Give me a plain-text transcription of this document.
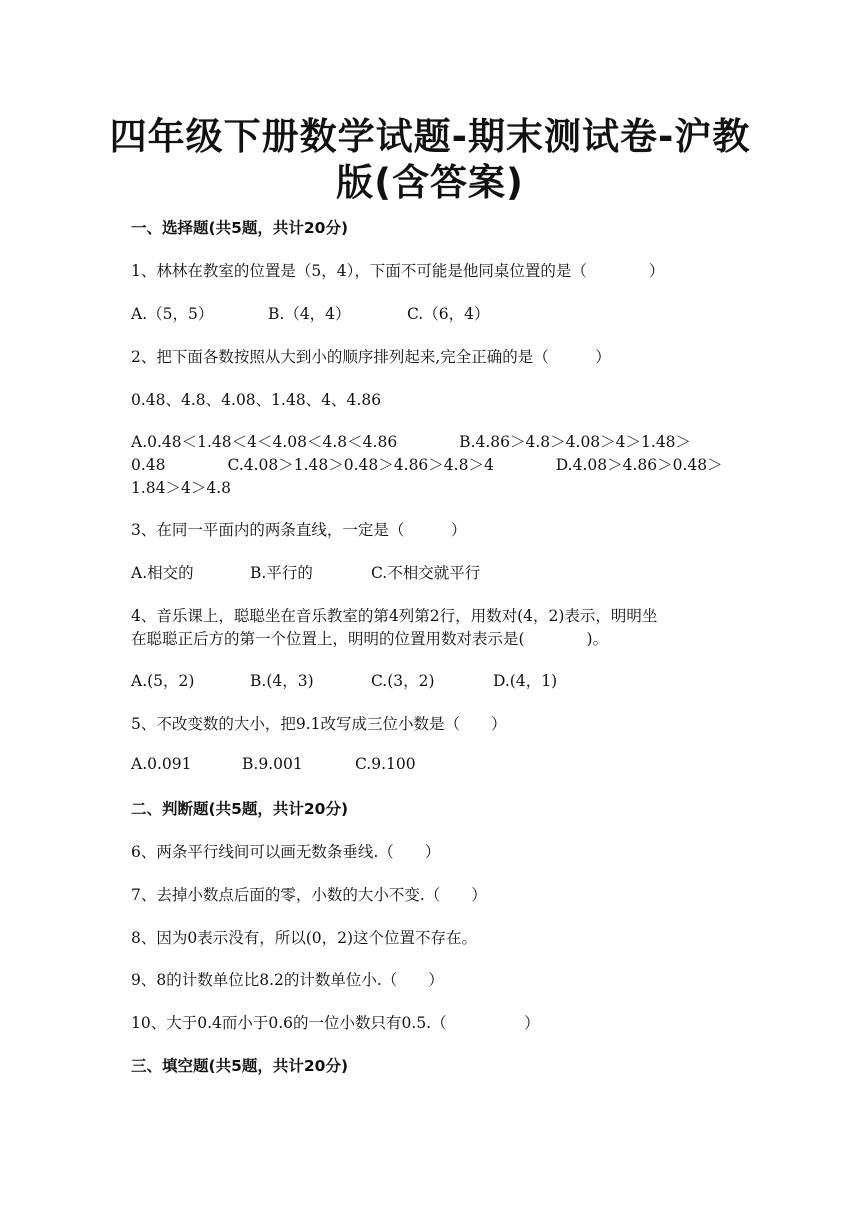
四年级下册数学试题-期末测试卷-沪教
版(含答案)
一、选择题(共5题，共计20分)
1、林林在教室的位置是（5，4），下面不可能是他同桌位置的是（　　　　）
A.（5，5）	B.（4，4）	C.（6，4）
2、把下面各数按照从大到小的顺序排列起来,完全正确的是（　　　）
0.48、4.8、4.08、1.48、4、4.86
A.0.48＜1.48＜4＜4.08＜4.8＜4.86　　　　B.4.86＞4.8＞4.08＞4＞1.48＞
0.48　　　　C.4.08＞1.48＞0.48＞4.86＞4.8＞4　　　　D.4.08＞4.86＞0.48＞
1.84＞4＞4.8
3、在同一平面内的两条直线，一定是（　　　）
A.相交的	B.平行的	C.不相交就平行
4、音乐课上，聪聪坐在音乐教室的第4列第2行，用数对(4，2)表示，明明坐
在聪聪正后方的第一个位置上，明明的位置用数对表示是(　　　　)。
A.(5，2)	B.(4，3)	C.(3，2)	D.(4，1)
5、不改变数的大小，把9.1改写成三位小数是（　　）
A.0.091	B.9.001	C.9.100
二、判断题(共5题，共计20分)
6、两条平行线间可以画无数条垂线.（　　）
7、去掉小数点后面的零，小数的大小不变.（　　）
8、因为0表示没有，所以(0，2)这个位置不存在。
9、8的计数单位比8.2的计数单位小.（　　）
10、大于0.4而小于0.6的一位小数只有0.5.（　　　　　）
三、填空题(共5题，共计20分)
